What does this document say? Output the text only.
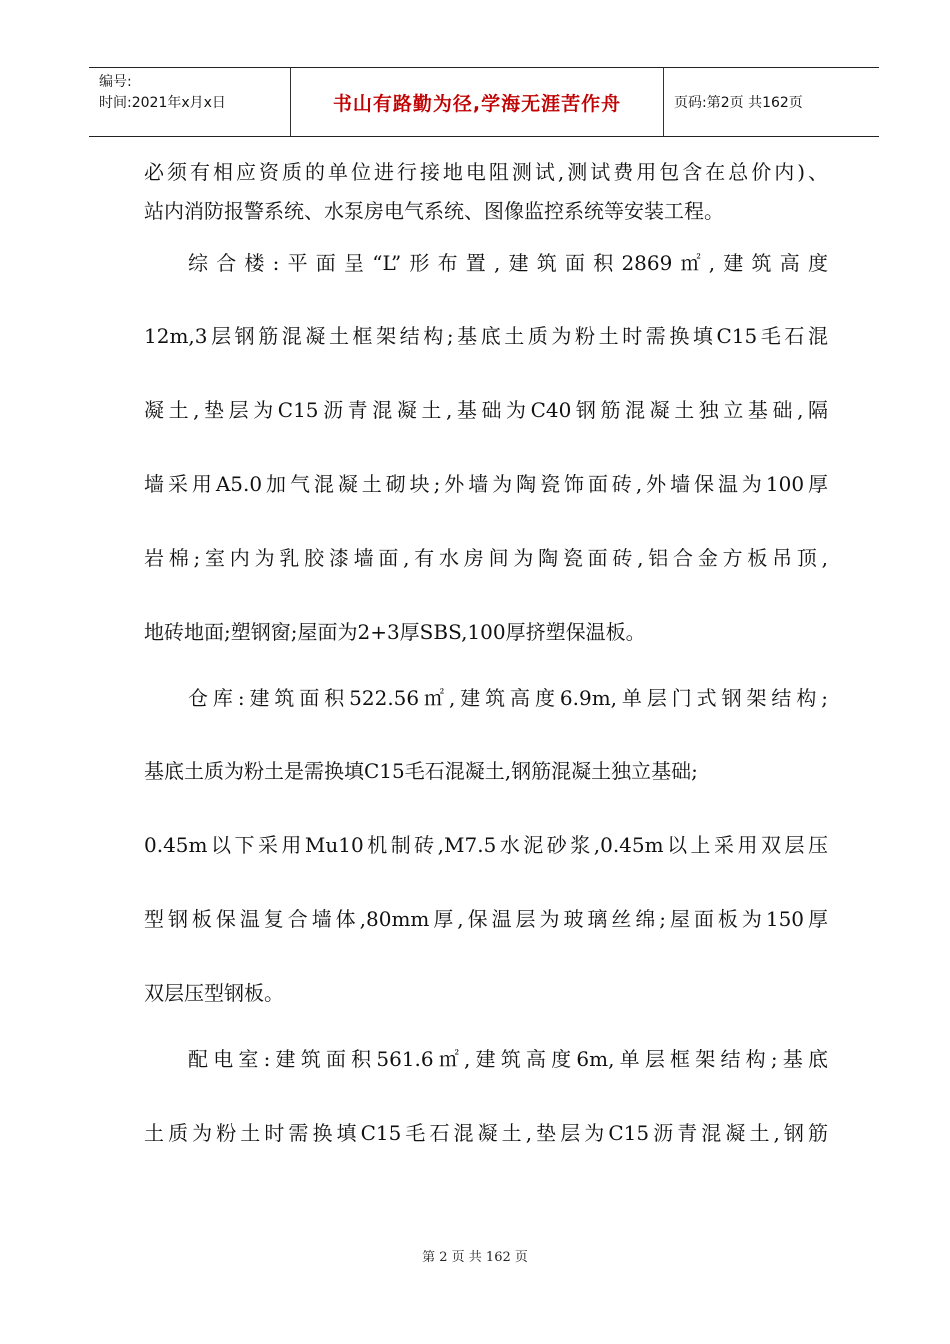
编号:
时间:2021年x月x日	书山有路勤为径,学海无涯苦作舟	页码:第2页 共162页
必须有相应资质的单位进行接地电阻测试,测试费用包含在总价内)、
站内消防报警系统、水泵房电气系统、图像监控系统等安装工程。
综合楼:平面呈“L”形布置,建筑面积2869㎡,建筑高度
12m,3层钢筋混凝土框架结构;基底土质为粉土时需换填C15毛石混
凝土,垫层为C15沥青混凝土,基础为C40钢筋混凝土独立基础,隔
墙采用A5.0加气混凝土砌块;外墙为陶瓷饰面砖,外墙保温为100厚
岩棉;室内为乳胶漆墙面,有水房间为陶瓷面砖,铝合金方板吊顶,
地砖地面;塑钢窗;屋面为2+3厚SBS,100厚挤塑保温板。
仓库:建筑面积522.56㎡,建筑高度6.9m,单层门式钢架结构;
基底土质为粉土是需换填C15毛石混凝土,钢筋混凝土独立基础;
0.45m以下采用Mu10机制砖,M7.5水泥砂浆,0.45m以上采用双层压
型钢板保温复合墙体,80mm厚,保温层为玻璃丝绵;屋面板为150厚
双层压型钢板。
配电室:建筑面积561.6㎡,建筑高度6m,单层框架结构;基底
土质为粉土时需换填C15毛石混凝土,垫层为C15沥青混凝土,钢筋
第 2 页 共 162 页
